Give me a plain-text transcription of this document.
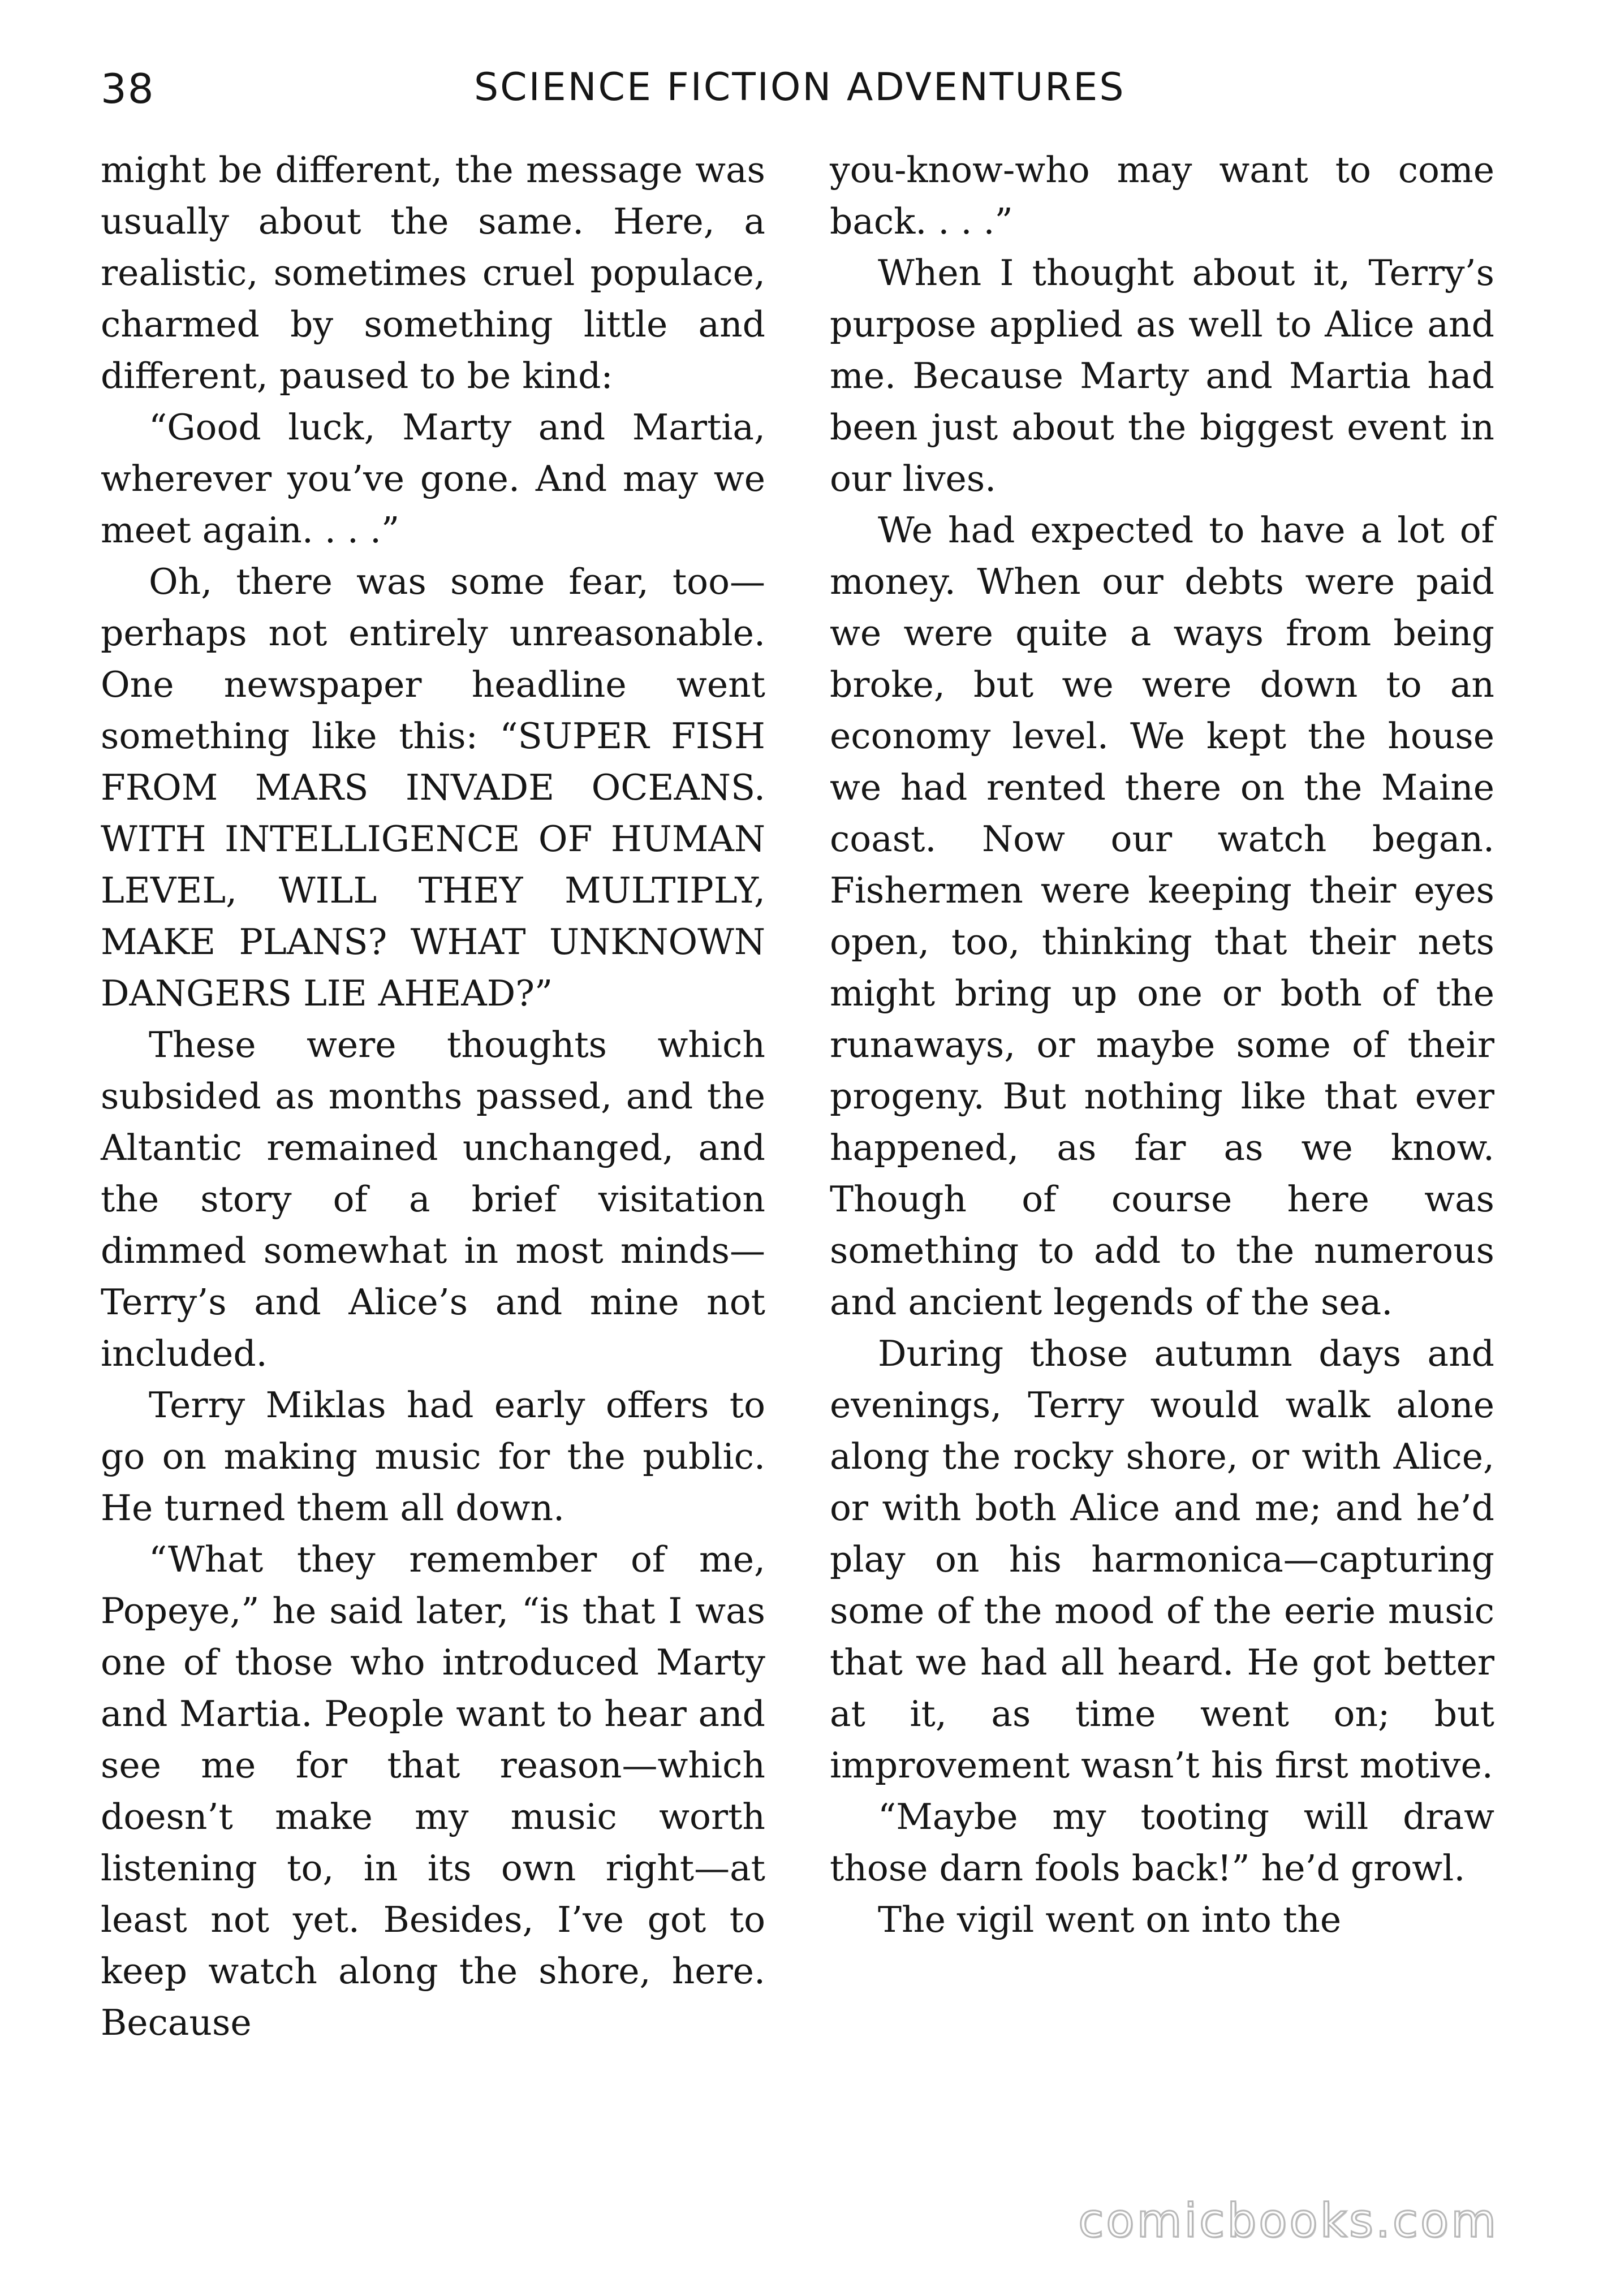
38	SCIENCE FICTION ADVENTURES

might be different, the message was usually about the same. Here, a realistic, sometimes cruel populace, charmed by something little and different, paused to be kind:

“Good luck, Marty and Martia, wherever you’ve gone. And may we meet again. . . .”

Oh, there was some fear, too—perhaps not entirely unreasonable. One newspaper headline went something like this: “SUPER FISH FROM MARS INVADE OCEANS. WITH INTELLIGENCE OF HUMAN LEVEL, WILL THEY MULTIPLY, MAKE PLANS? WHAT UNKNOWN DANGERS LIE AHEAD?”

These were thoughts which subsided as months passed, and the Altantic remained unchanged, and the story of a brief visitation dimmed somewhat in most minds—Terry’s and Alice’s and mine not included.

Terry Miklas had early offers to go on making music for the public. He turned them all down.

“What they remember of me, Popeye,” he said later, “is that I was one of those who introduced Marty and Martia. People want to hear and see me for that reason—which doesn’t make my music worth listening to, in its own right—at least not yet. Besides, I’ve got to keep watch along the shore, here. Because

you-know-who may want to come back. . . .”

When I thought about it, Terry’s purpose applied as well to Alice and me. Because Marty and Martia had been just about the biggest event in our lives.

We had expected to have a lot of money. When our debts were paid we were quite a ways from being broke, but we were down to an economy level. We kept the house we had rented there on the Maine coast. Now our watch began. Fishermen were keeping their eyes open, too, thinking that their nets might bring up one or both of the runaways, or maybe some of their progeny. But nothing like that ever happened, as far as we know. Though of course here was something to add to the numerous and ancient legends of the sea.

During those autumn days and evenings, Terry would walk alone along the rocky shore, or with Alice, or with both Alice and me; and he’d play on his harmonica—capturing some of the mood of the eerie music that we had all heard. He got better at it, as time went on; but improvement wasn’t his first motive.

“Maybe my tooting will draw those darn fools back!” he’d growl.

The vigil went on into the

comicbooks.com
